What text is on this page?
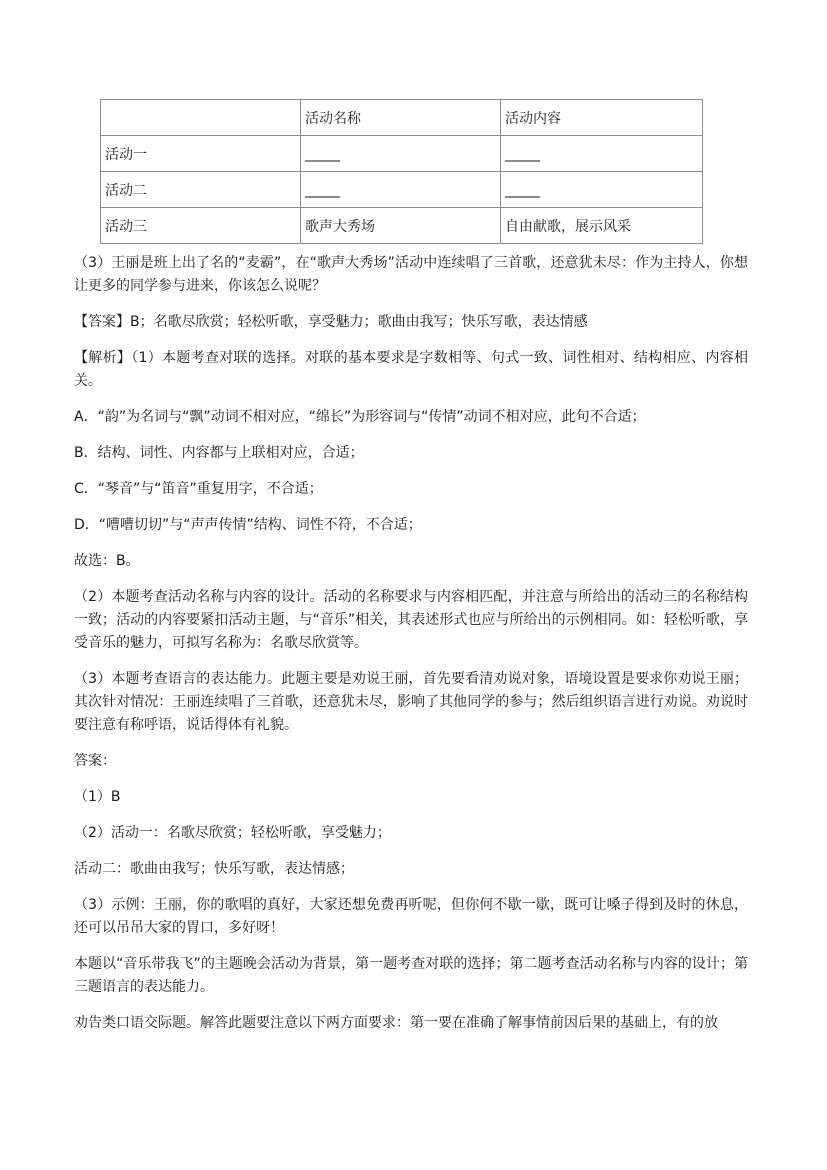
	活动名称	活动内容
活动一	_____	_____
活动二	_____	_____
活动三	歌声大秀场	自由献歌，展示风采

（3）王丽是班上出了名的“麦霸”，在“歌声大秀场”活动中连续唱了三首歌，还意犹未尽：作为主持人，你想让更多的同学参与进来，你该怎么说呢？

【答案】B；名歌尽欣赏；轻松听歌，享受魅力；歌曲由我写；快乐写歌，表达情感

【解析】（1）本题考查对联的选择。对联的基本要求是字数相等、句式一致、词性相对、结构相应、内容相关。

A．“韵”为名词与“飘”动词不相对应，“绵长”为形容词与“传情”动词不相对应，此句不合适；

B．结构、词性、内容都与上联相对应，合适；

C．“琴音”与“笛音”重复用字，不合适；

D．“嘈嘈切切”与“声声传情”结构、词性不符，不合适；

故选：B。

（2）本题考查活动名称与内容的设计。活动的名称要求与内容相匹配，并注意与所给出的活动三的名称结构一致；活动的内容要紧扣活动主题，与“音乐”相关，其表述形式也应与所给出的示例相同。如：轻松听歌，享受音乐的魅力，可拟写名称为：名歌尽欣赏等。

（3）本题考查语言的表达能力。此题主要是劝说王丽，首先要看清劝说对象，语境设置是要求你劝说王丽；其次针对情况：王丽连续唱了三首歌，还意犹未尽，影响了其他同学的参与；然后组织语言进行劝说。劝说时要注意有称呼语，说话得体有礼貌。

答案：

（1）B

（2）活动一：名歌尽欣赏；轻松听歌，享受魅力；

活动二：歌曲由我写；快乐写歌，表达情感；

（3）示例：王丽，你的歌唱的真好，大家还想免费再听呢，但你何不歇一歇，既可让嗓子得到及时的休息，还可以吊吊大家的胃口，多好呀！

本题以“音乐带我飞”的主题晚会活动为背景，第一题考查对联的选择；第二题考查活动名称与内容的设计；第三题语言的表达能力。

劝告类口语交际题。解答此题要注意以下两方面要求：第一要在准确了解事情前因后果的基础上，有的放
